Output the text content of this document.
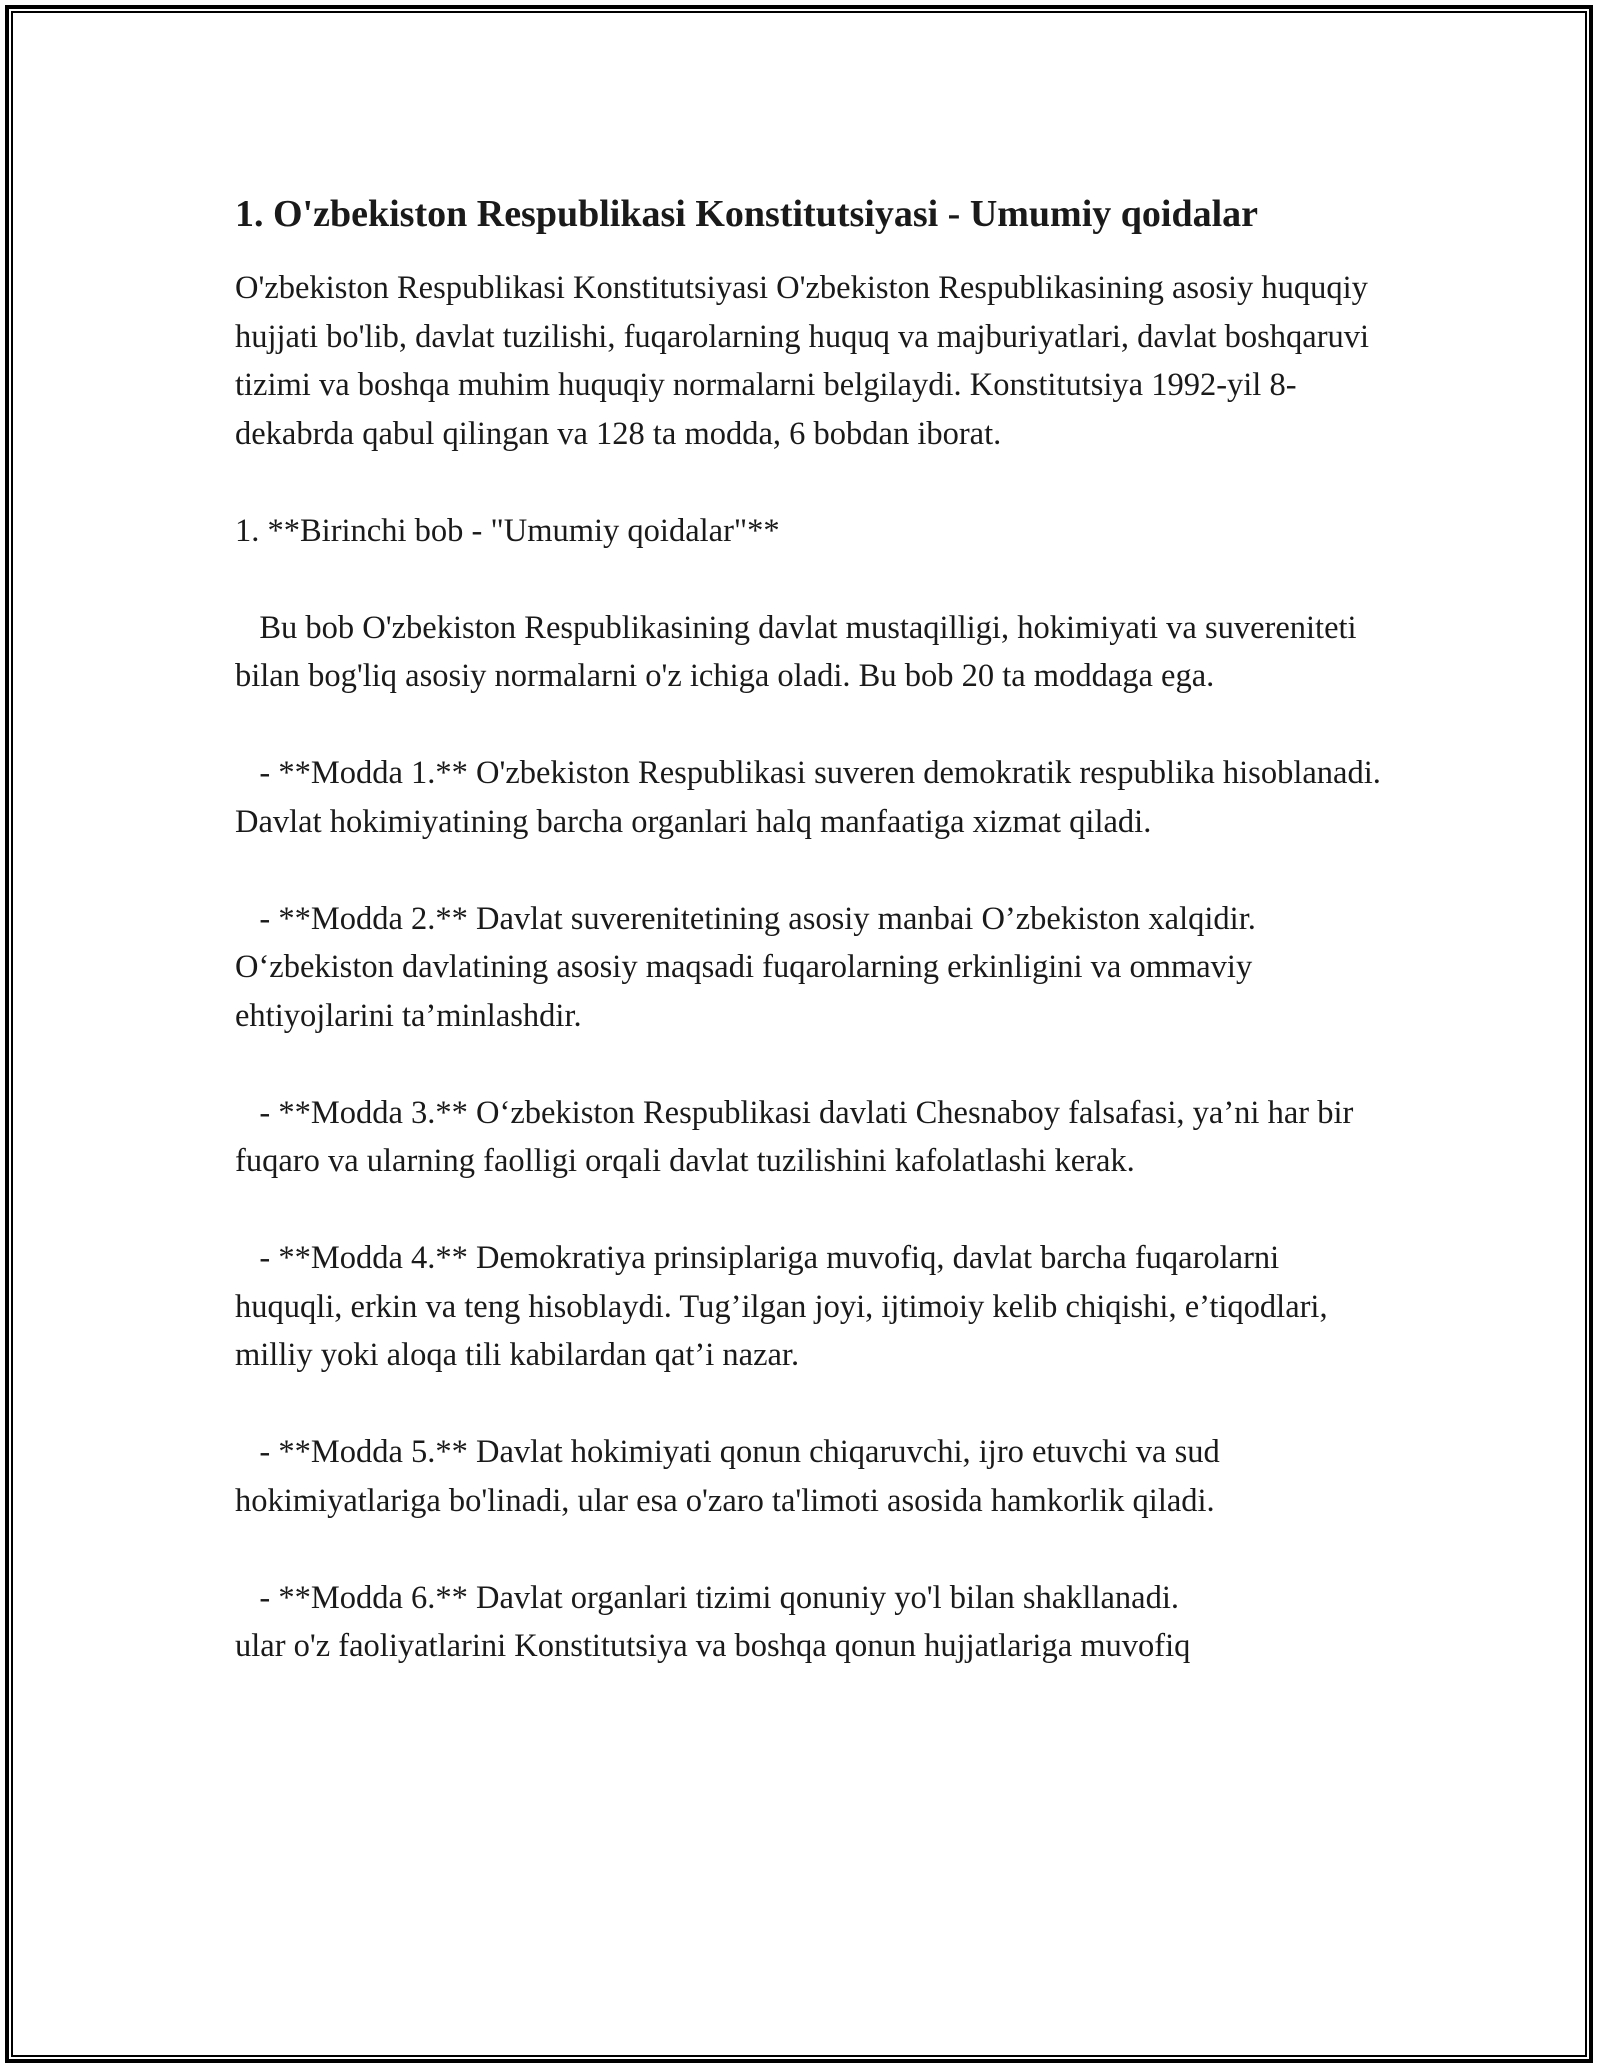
1. O'zbekiston Respublikasi Konstitutsiyasi - Umumiy qoidalar

O'zbekiston Respublikasi Konstitutsiyasi O'zbekiston Respublikasining asosiy huquqiy hujjati bo'lib, davlat tuzilishi, fuqarolarning huquq va majburiyatlari, davlat boshqaruvi tizimi va boshqa muhim huquqiy normalarni belgilaydi. Konstitutsiya 1992-yil 8-dekabrda qabul qilingan va 128 ta modda, 6 bobdan iborat.

1. **Birinchi bob - "Umumiy qoidalar"**

Bu bob O'zbekiston Respublikasining davlat mustaqilligi, hokimiyati va suvereniteti bilan bog'liq asosiy normalarni o'z ichiga oladi. Bu bob 20 ta moddaga ega.

- **Modda 1.** O'zbekiston Respublikasi suveren demokratik respublika hisoblanadi. Davlat hokimiyatining barcha organlari halq manfaatiga xizmat qiladi.

- **Modda 2.** Davlat suverenitetining asosiy manbai O’zbekiston xalqidir. O‘zbekiston davlatining asosiy maqsadi fuqarolarning erkinligini va ommaviy ehtiyojlarini ta’minlashdir.

- **Modda 3.** O‘zbekiston Respublikasi davlati Chesnaboy falsafasi, ya’ni har bir fuqaro va ularning faolligi orqali davlat tuzilishini kafolatlashi kerak.

- **Modda 4.** Demokratiya prinsiplariga muvofiq, davlat barcha fuqarolarni huquqli, erkin va teng hisoblaydi. Tug’ilgan joyi, ijtimoiy kelib chiqishi, e’tiqodlari, milliy yoki aloqa tili kabilardan qat’i nazar.

- **Modda 5.** Davlat hokimiyati qonun chiqaruvchi, ijro etuvchi va sud hokimiyatlariga bo'linadi, ular esa o'zaro ta'limoti asosida hamkorlik qiladi.

- **Modda 6.** Davlat organlari tizimi qonuniy yo'l bilan shakllanadi.
ular o'z faoliyatlarini Konstitutsiya va boshqa qonun hujjatlariga muvofiq
